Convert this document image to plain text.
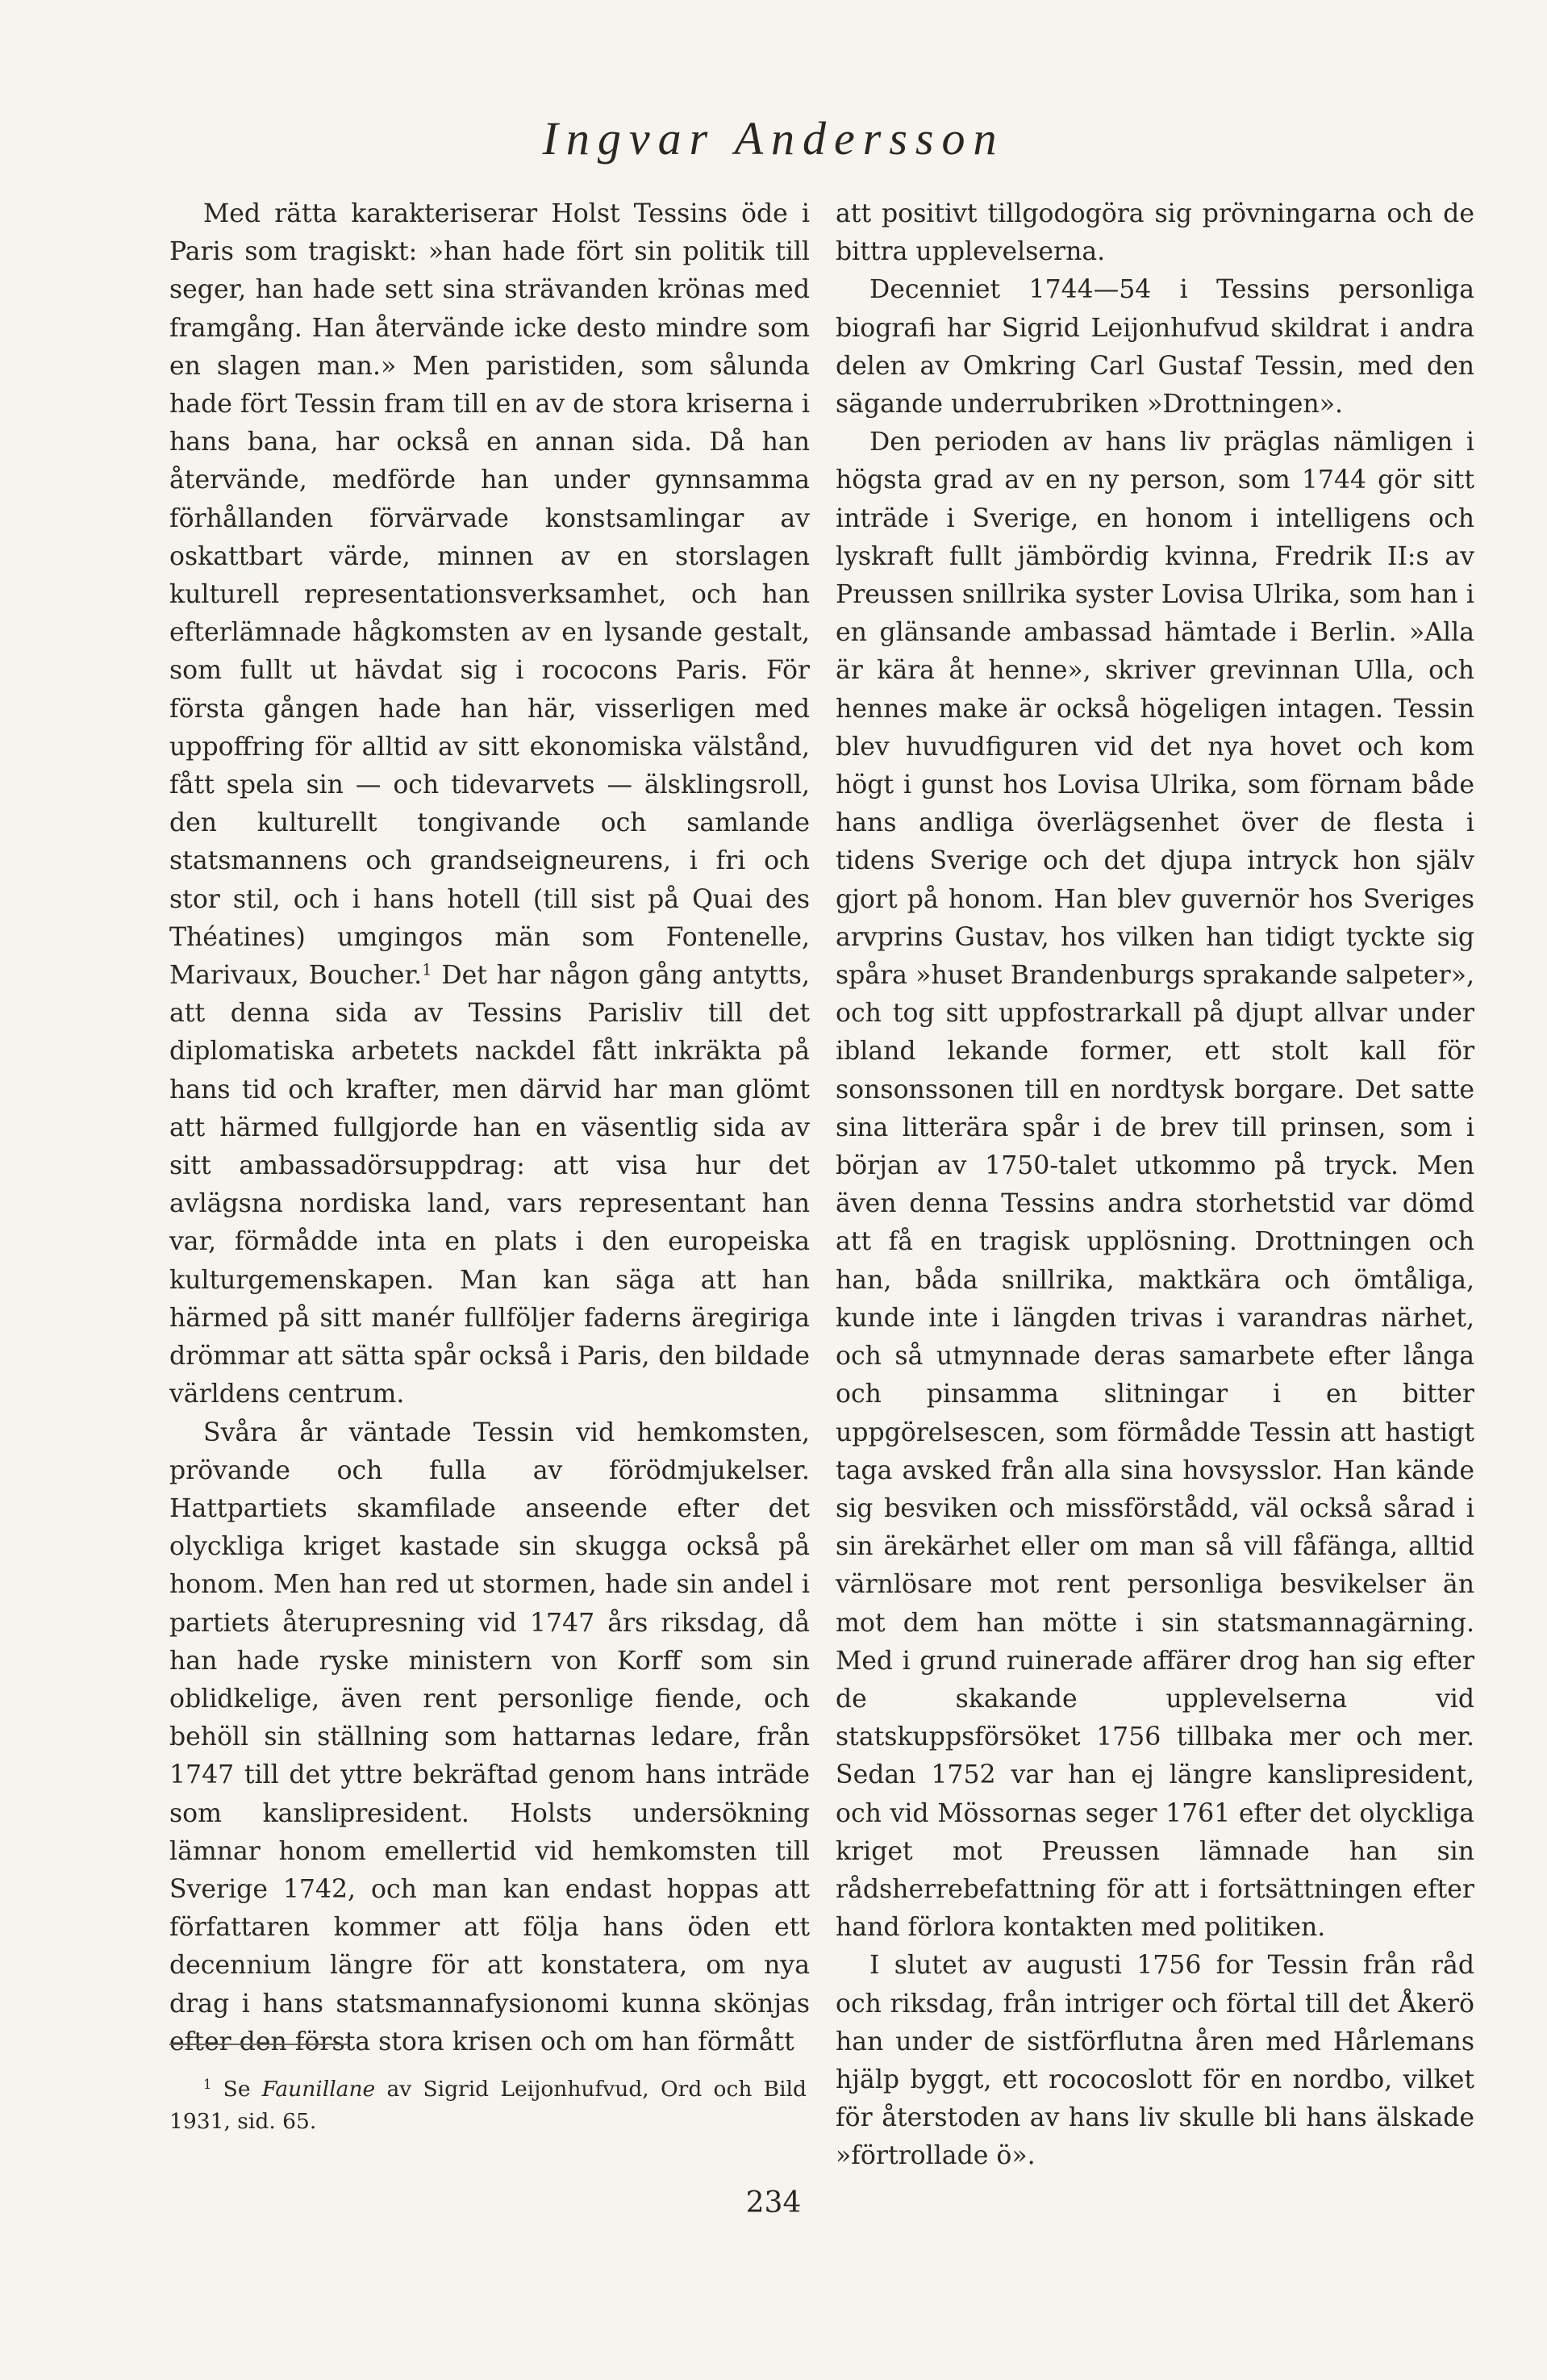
Ingvar Andersson

Med rätta karakteriserar Holst Tessins öde i Paris som tragiskt: »han hade fört sin politik till seger, han hade sett sina strävanden krönas med framgång. Han återvände icke desto mindre som en slagen man.» Men paristiden, som sålunda hade fört Tessin fram till en av de stora kriserna i hans bana, har också en annan sida. Då han återvände, medförde han under gynnsamma förhållanden förvärvade konstsamlingar av oskattbart värde, minnen av en storslagen kulturell representationsverksamhet, och han efterlämnade hågkomsten av en lysande gestalt, som fullt ut hävdat sig i rococons Paris. För första gången hade han här, visserligen med uppoffring för alltid av sitt ekonomiska välstånd, fått spela sin — och tidevarvets — älsklingsroll, den kulturellt tongivande och samlande statsmannens och grandseigneurens, i fri och stor stil, och i hans hotell (till sist på Quai des Théatines) umgingos män som Fontenelle, Marivaux, Boucher.$^1$ Det har någon gång antytts, att denna sida av Tessins Parisliv till det diplomatiska arbetets nackdel fått inkräkta på hans tid och krafter, men därvid har man glömt att härmed fullgjorde han en väsentlig sida av sitt ambassadörsuppdrag: att visa hur det avlägsna nordiska land, vars representant han var, förmådde inta en plats i den europeiska kulturgemenskapen. Man kan säga att han härmed på sitt manér fullföljer faderns äregiriga drömmar att sätta spår också i Paris, den bildade världens centrum.

Svåra år väntade Tessin vid hemkomsten, prövande och fulla av förödmjukelser. Hattpartiets skamfilade anseende efter det olyckliga kriget kastade sin skugga också på honom. Men han red ut stormen, hade sin andel i partiets återupresning vid 1747 års riksdag, då han hade ryske ministern von Korff som sin oblidkelige, även rent personlige fiende, och behöll sin ställning som hattarnas ledare, från 1747 till det yttre bekräftad genom hans inträde som kanslipresident. Holsts undersökning lämnar honom emellertid vid hemkomsten till Sverige 1742, och man kan endast hoppas att författaren kommer att följa hans öden ett decennium längre för att konstatera, om nya drag i hans statsmannafysionomi kunna skönjas efter den första stora krisen och om han förmått

att positivt tillgodogöra sig prövningarna och de bittra upplevelserna.

Decenniet 1744—54 i Tessins personliga biografi har Sigrid Leijonhufvud skildrat i andra delen av Omkring Carl Gustaf Tessin, med den sägande underrubriken »Drottningen».

Den perioden av hans liv präglas nämligen i högsta grad av en ny person, som 1744 gör sitt inträde i Sverige, en honom i intelligens och lyskraft fullt jämbördig kvinna, Fredrik II:s av Preussen snillrika syster Lovisa Ulrika, som han i en glänsande ambassad hämtade i Berlin. »Alla är kära åt henne», skriver grevinnan Ulla, och hennes make är också högeligen intagen. Tessin blev huvudfiguren vid det nya hovet och kom högt i gunst hos Lovisa Ulrika, som förnam både hans andliga överlägsenhet över de flesta i tidens Sverige och det djupa intryck hon själv gjort på honom. Han blev guvernör hos Sveriges arvprins Gustav, hos vilken han tidigt tyckte sig spåra »huset Brandenburgs sprakande salpeter», och tog sitt uppfostrarkall på djupt allvar under ibland lekande former, ett stolt kall för sonsonssonen till en nordtysk borgare. Det satte sina litterära spår i de brev till prinsen, som i början av 1750-talet utkommo på tryck. Men även denna Tessins andra storhetstid var dömd att få en tragisk upplösning. Drottningen och han, båda snillrika, maktkära och ömtåliga, kunde inte i längden trivas i varandras närhet, och så utmynnade deras samarbete efter långa och pinsamma slitningar i en bitter uppgörelsescen, som förmådde Tessin att hastigt taga avsked från alla sina hovsysslor. Han kände sig besviken och missförstådd, väl också sårad i sin ärekärhet eller om man så vill fåfänga, alltid värnlösare mot rent personliga besvikelser än mot dem han mötte i sin statsmannagärning. Med i grund ruinerade affärer drog han sig efter de skakande upplevelserna vid statskuppsförsöket 1756 tillbaka mer och mer. Sedan 1752 var han ej längre kanslipresident, och vid Mössornas seger 1761 efter det olyckliga kriget mot Preussen lämnade han sin rådsherrebefattning för att i fortsättningen efter hand förlora kontakten med politiken.

I slutet av augusti 1756 for Tessin från råd och riksdag, från intriger och förtal till det Åkerö han under de sistförflutna åren med Hårlemans hjälp byggt, ett rococoslott för en nordbo, vilket för återstoden av hans liv skulle bli hans älskade »förtrollade ö».

$^1$ Se Faunillane av Sigrid Leijonhufvud, Ord och Bild 1931, sid. 65.
234
